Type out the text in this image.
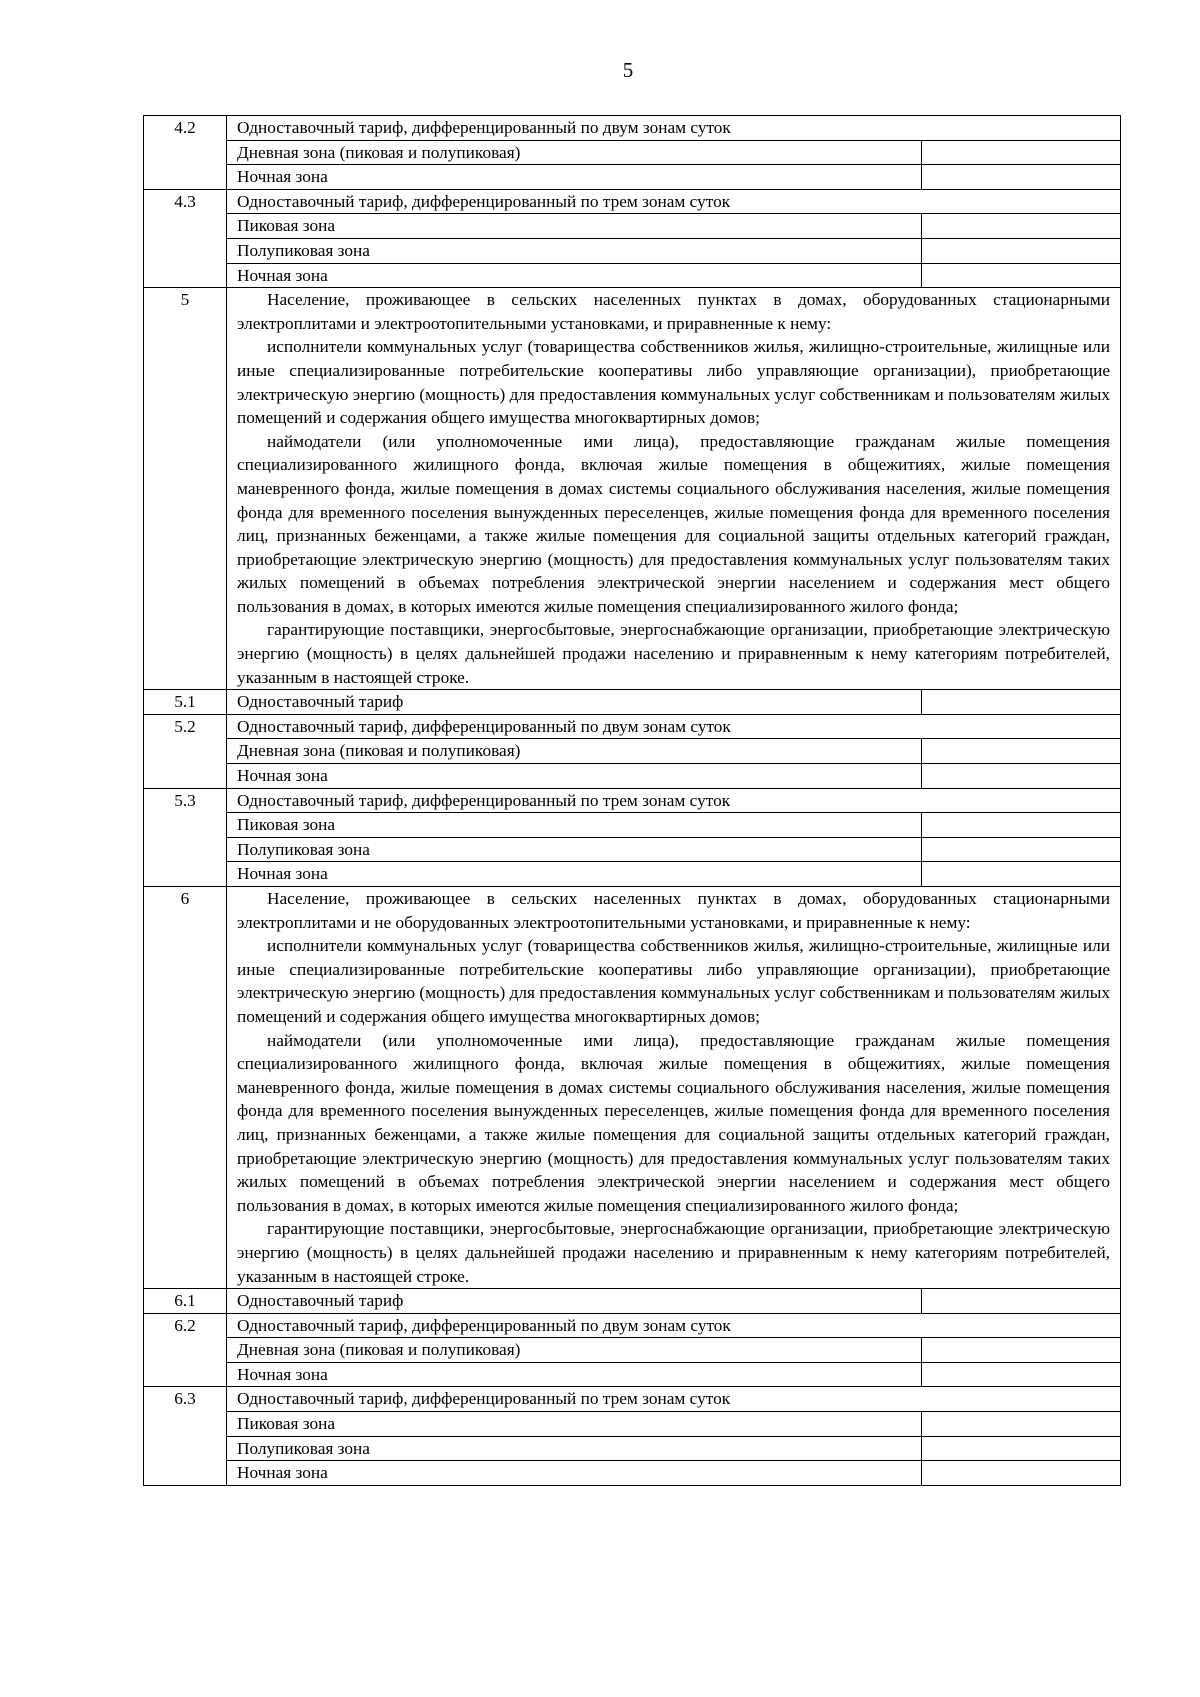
5
4.2	Одноставочный тариф, дифференцированный по двум зонам суток	
	Дневная зона (пиковая и полупиковая)	
	Ночная зона	
4.3	Одноставочный тариф, дифференцированный по трем зонам суток	
	Пиковая зона	
	Полупиковая зона	
	Ночная зона	
5	Население, проживающее в сельских населенных пунктах в домах, оборудованных стационарными электроплитами и электроотопительными установками, и приравненные к нему:
исполнители коммунальных услуг (товарищества собственников жилья, жилищно-строительные, жилищные или иные специализированные потребительские кооперативы либо управляющие организации), приобретающие электрическую энергию (мощность) для предоставления коммунальных услуг собственникам и пользователям жилых помещений и содержания общего имущества многоквартирных домов;
наймодатели (или уполномоченные ими лица), предоставляющие гражданам жилые помещения специализированного жилищного фонда, включая жилые помещения в общежитиях, жилые помещения маневренного фонда, жилые помещения в домах системы социального обслуживания населения, жилые помещения фонда для временного поселения вынужденных переселенцев, жилые помещения фонда для временного поселения лиц, признанных беженцами, а также жилые помещения для социальной защиты отдельных категорий граждан, приобретающие электрическую энергию (мощность) для предоставления коммунальных услуг пользователям таких жилых помещений в объемах потребления электрической энергии населением и содержания мест общего пользования в домах, в которых имеются жилые помещения специализированного жилого фонда;
гарантирующие поставщики, энергосбытовые, энергоснабжающие организации, приобретающие электрическую энергию (мощность) в целях дальнейшей продажи населению и приравненным к нему категориям потребителей, указанным в настоящей строке.	

5.1	Одноставочный тариф	
5.2	Одноставочный тариф, дифференцированный по двум зонам суток	
	Дневная зона (пиковая и полупиковая)	
	Ночная зона	
5.3	Одноставочный тариф, дифференцированный по трем зонам суток	
	Пиковая зона	
	Полупиковая зона	
	Ночная зона	
6	Население, проживающее в сельских населенных пунктах в домах, оборудованных стационарными электроплитами и не оборудованных электроотопительными установками, и приравненные к нему:
исполнители коммунальных услуг (товарищества собственников жилья, жилищно-строительные, жилищные или иные специализированные потребительские кооперативы либо управляющие организации), приобретающие электрическую энергию (мощность) для предоставления коммунальных услуг собственникам и пользователям жилых помещений и содержания общего имущества многоквартирных домов;
наймодатели (или уполномоченные ими лица), предоставляющие гражданам жилые помещения специализированного жилищного фонда, включая жилые помещения в общежитиях, жилые помещения маневренного фонда, жилые помещения в домах системы социального обслуживания населения, жилые помещения фонда для временного поселения вынужденных переселенцев, жилые помещения фонда для временного поселения лиц, признанных беженцами, а также жилые помещения для социальной защиты отдельных категорий граждан, приобретающие электрическую энергию (мощность) для предоставления коммунальных услуг пользователям таких жилых помещений в объемах потребления электрической энергии населением и содержания мест общего пользования в домах, в которых имеются жилые помещения специализированного жилого фонда;
гарантирующие поставщики, энергосбытовые, энергоснабжающие организации, приобретающие электрическую энергию (мощность) в целях дальнейшей продажи населению и приравненным к нему категориям потребителей, указанным в настоящей строке.	

6.1	Одноставочный тариф	
6.2	Одноставочный тариф, дифференцированный по двум зонам суток	
	Дневная зона (пиковая и полупиковая)	
	Ночная зона	
6.3	Одноставочный тариф, дифференцированный по трем зонам суток	
	Пиковая зона	
	Полупиковая зона	
	Ночная зона	
